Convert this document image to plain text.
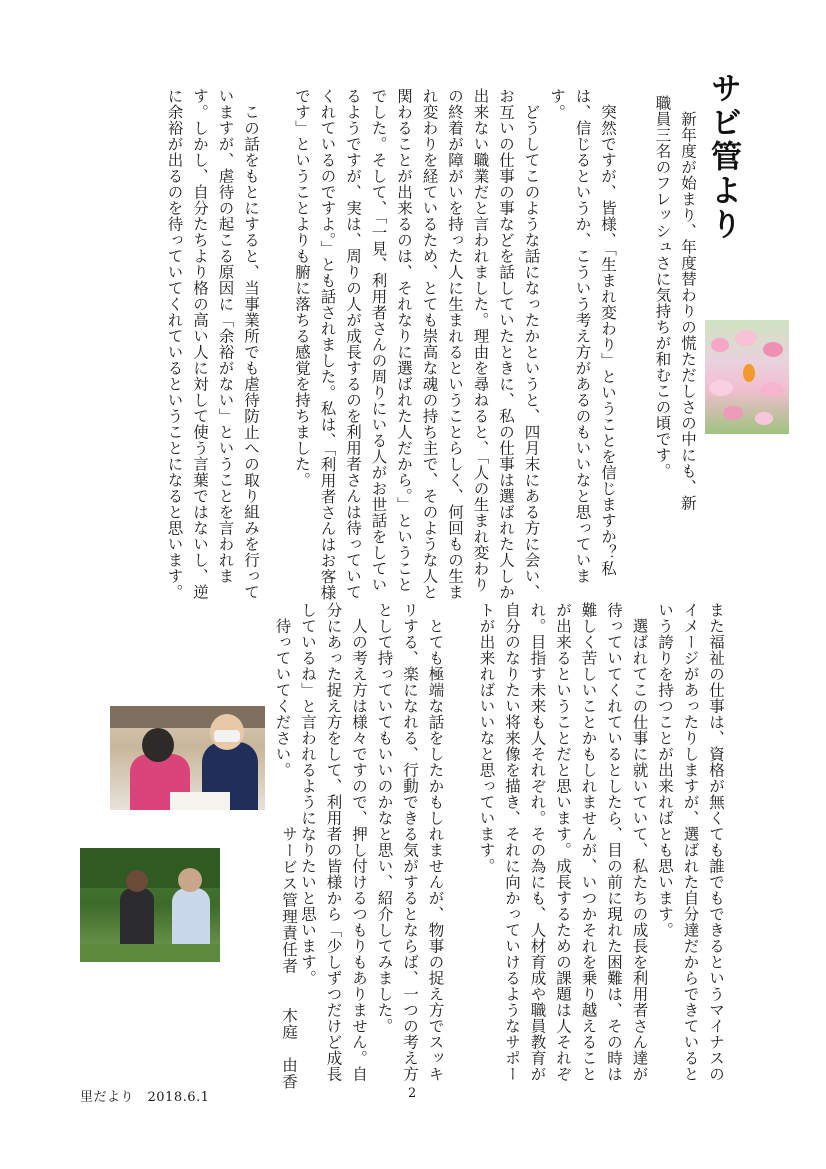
サビ管より
　新年度が始まり、年度替わりの慌ただしさの中にも、新職員三名のフレッシュさに気持ちが和むこの頃です。
　突然ですが、皆様、「生まれ変わり」ということを信じますか？私は、信じるというか、こういう考え方があるのもいいなと思っています。
　どうしてこのような話になったかというと、四月末にある方に会い、お互いの仕事の事などを話していたときに、私の仕事は選ばれた人しか出来ない職業だと言われました。理由を尋ねると、「人の生まれ変わりの終着が障がいを持った人に生まれるということらしく、何回もの生まれ変わりを経ているため、とても崇高な魂の持ち主で、そのような人と関わることが出来るのは、それなりに選ばれた人だから。」ということでした。そして、「一見、利用者さんの周りにいる人がお世話をしているようですが、実は、周りの人が成長するのを利用者さんは待っていてくれているのですよ。」とも話されました。私は、「利用者さんはお客様です」ということよりも腑に落ちる感覚を持ちました。

　この話をもとにすると、当事業所でも虐待防止への取り組みを行っていますが、虐待の起こる原因に「余裕がない」ということを言われます。しかし、自分たちより格の高い人に対して使う言葉ではないし、逆に余裕が出るのを待っていてくれているということになると思います。
また福祉の仕事は、資格が無くても誰でもできるというマイナスのイメージがあったりしますが、選ばれた自分達だからできているという誇りを持つことが出来ればとも思います。
　選ばれてこの仕事に就いていて、私たちの成長を利用者さん達が待っていてくれているとしたら、目の前に現れた困難は、その時は難しく苦しいことかもしれませんが、いつかそれを乗り越えることが出来るということだと思います。成長するための課題は人それぞれ。目指す未来も人それぞれ。その為にも、人材育成や職員教育が自分のなりたい将来像を描き、それに向かっていけるようなサポートが出来ればいいなと思っています。

　とても極端な話をしたかもしれませんが、物事の捉え方でスッキリする、楽になれる、行動できる気がするとならば、一つの考え方として持っていてもいいのかなと思い、紹介してみました。
　人の考え方は様々ですので、押し付けるつもりもありません。自分にあった捉え方をして、利用者の皆様から「少しずつだけど成長しているね」と言われるようになりたいと思います。
　待っていてください。
サービス管理責任者　　木庭　由香
里だより　2018.6.1	2
